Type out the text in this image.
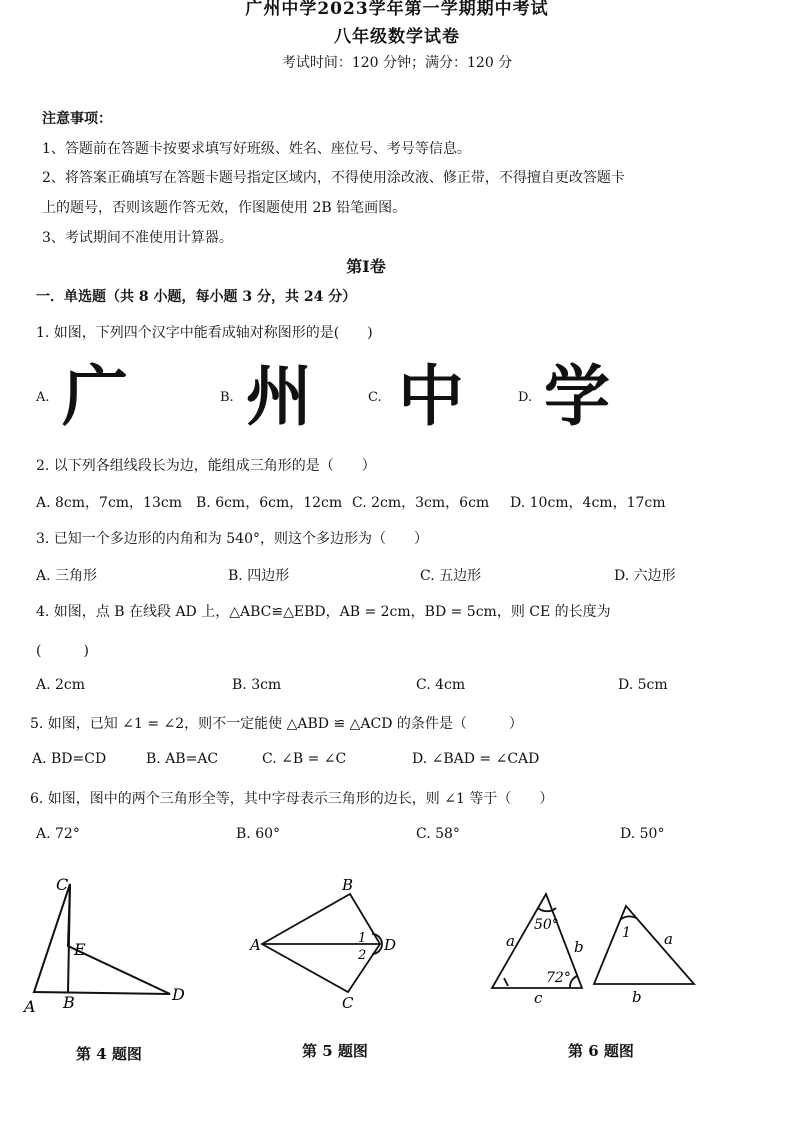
广州中学2023学年第一学期期中考试
八年级数学试卷
考试时间：120 分钟；满分：120 分
注意事项：
1、答题前在答题卡按要求填写好班级、姓名、座位号、考号等信息。
2、将答案正确填写在答题卡题号指定区域内，不得使用涂改液、修正带，不得擅自更改答题卡
上的题号，否则该题作答无效，作图题使用 2B 铅笔画图。
3、考试期间不准使用计算器。
第Ⅰ卷
一．单选题（共 8 小题，每小题 3 分，共 24 分）
1. 如图，下列四个汉字中能看成轴对称图形的是(　　)
A. 广	B. 州	C. 中	D. 学
2. 以下列各组线段长为边，能组成三角形的是（　　）
A. 8cm，7cm，13cm B. 6cm，6cm，12cm C. 2cm，3cm，6cm D. 10cm，4cm，17cm
3. 已知一个多边形的内角和为 540°，则这个多边形为（　　）
A. 三角形	B. 四边形	C. 五边形	D. 六边形
4. 如图，点 B 在线段 AD 上，△ABC≌△EBD，AB = 2cm，BD = 5cm，则 CE 的长度为
(　　　)
A. 2cm	B. 3cm	C. 4cm	D. 5cm
5. 如图，已知 ∠1 = ∠2，则不一定能使 △ABD ≌ △ACD 的条件是（　　　）
A. BD=CD	B. AB=AC	C. ∠B = ∠C	D. ∠BAD = ∠CAD
6. 如图，图中的两个三角形全等，其中字母表示三角形的边长，则 ∠1 等于（　　）
A. 72°	B. 60°	C. 58°	D. 50°
C
E
A B	D
B
A	1
2
D
C
50°
a	b
72°
c
1 a
b
第 4 题图	第 5 题图	第 6 题图
